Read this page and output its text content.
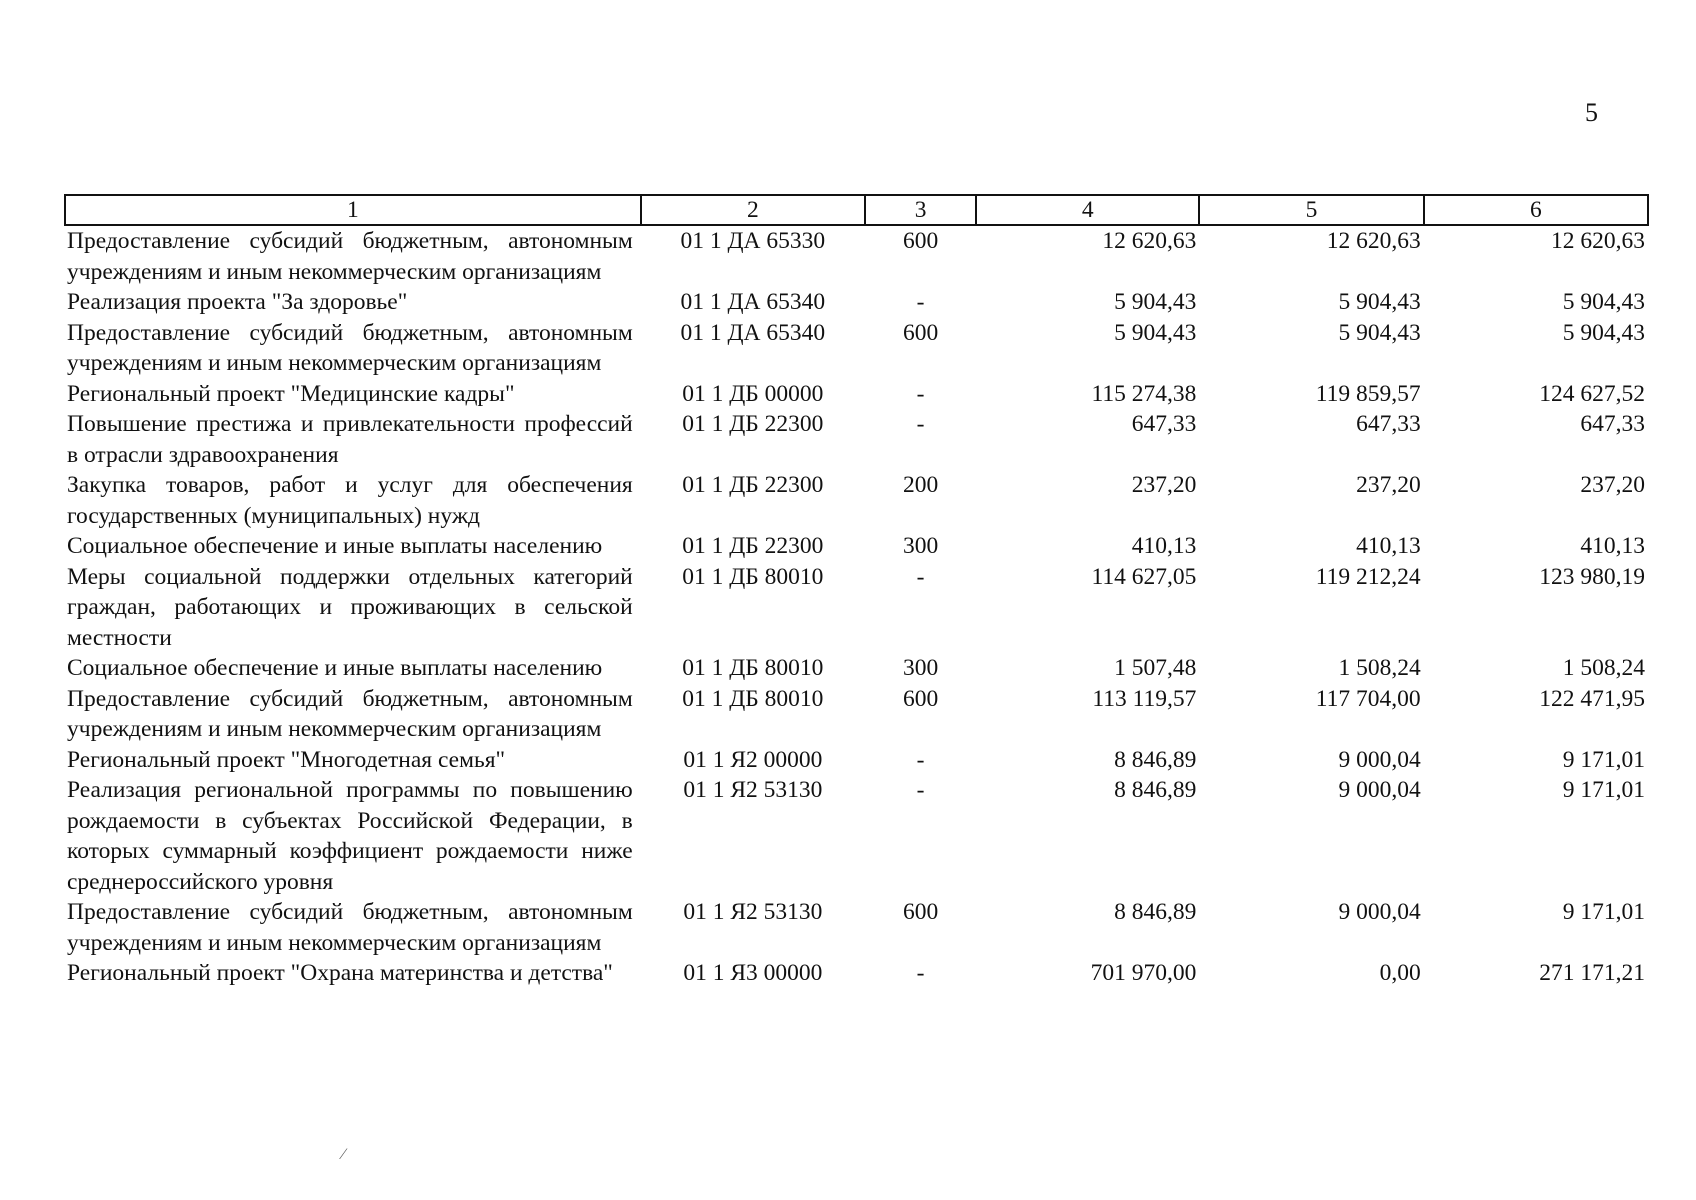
5
1	2	3	4	5	6
Предоставление субсидий бюджетным, автономным учреждениям и иным некоммерческим организациям	01 1 ДА 65330	600	12 620,63	12 620,63	12 620,63
Реализация проекта "За здоровье"	01 1 ДА 65340	-	5 904,43	5 904,43	5 904,43
Предоставление субсидий бюджетным, автономным учреждениям и иным некоммерческим организациям	01 1 ДА 65340	600	5 904,43	5 904,43	5 904,43
Региональный проект "Медицинские кадры"	01 1 ДБ 00000	-	115 274,38	119 859,57	124 627,52
Повышение престижа и привлекательности профессий в отрасли здравоохранения	01 1 ДБ 22300	-	647,33	647,33	647,33
Закупка товаров, работ и услуг для обеспечения государственных (муниципальных) нужд	01 1 ДБ 22300	200	237,20	237,20	237,20
Социальное обеспечение и иные выплаты населению	01 1 ДБ 22300	300	410,13	410,13	410,13
Меры социальной поддержки отдельных категорий граждан, работающих и проживающих в сельской местности	01 1 ДБ 80010	-	114 627,05	119 212,24	123 980,19
Социальное обеспечение и иные выплаты населению	01 1 ДБ 80010	300	1 507,48	1 508,24	1 508,24
Предоставление субсидий бюджетным, автономным учреждениям и иным некоммерческим организациям	01 1 ДБ 80010	600	113 119,57	117 704,00	122 471,95
Региональный проект "Многодетная семья"	01 1 Я2 00000	-	8 846,89	9 000,04	9 171,01
Реализация региональной программы по повышению рождаемости в субъектах Российской Федерации, в которых суммарный коэффициент рождаемости ниже среднероссийского уровня	01 1 Я2 53130	-	8 846,89	9 000,04	9 171,01
Предоставление субсидий бюджетным, автономным учреждениям и иным некоммерческим организациям	01 1 Я2 53130	600	8 846,89	9 000,04	9 171,01
Региональный проект "Охрана материнства и детства"	01 1 Я3 00000	-	701 970,00	0,00	271 171,21
⁄
